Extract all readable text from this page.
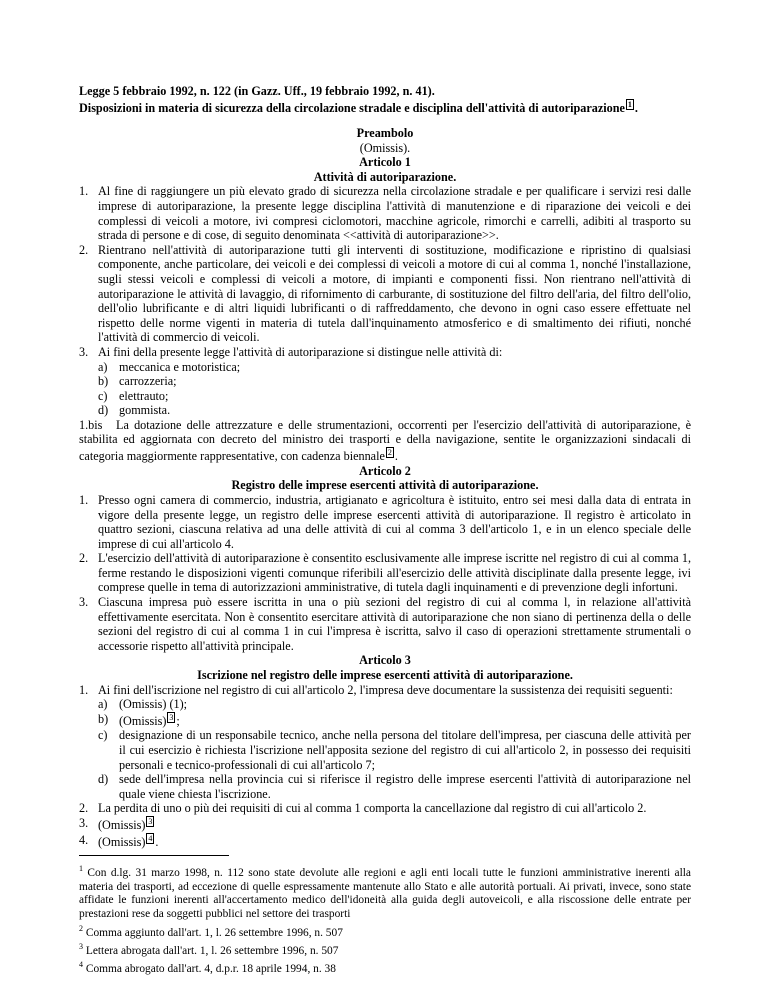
Legge 5 febbraio 1992, n. 122 (in Gazz. Uff., 19 febbraio 1992, n. 41).
Disposizioni in materia di sicurezza della circolazione stradale e disciplina dell'attività di autoriparazione 1 .
Preambolo
(Omissis).
Articolo 1
Attività di autoriparazione.
1. Al fine di raggiungere un più elevato grado di sicurezza nella circolazione stradale e per qualificare i servizi resi dalle imprese di autoriparazione, la presente legge disciplina l'attività di manutenzione e di riparazione dei veicoli e dei complessi di veicoli a motore, ivi compresi ciclomotori, macchine agricole, rimorchi e carrelli, adibiti al trasporto su strada di persone e di cose, di seguito denominata <<attività di autoriparazione>>.
2. Rientrano nell'attività di autoriparazione tutti gli interventi di sostituzione, modificazione e ripristino di qualsiasi componente, anche particolare, dei veicoli e dei complessi di veicoli a motore di cui al comma 1, nonché l'installazione, sugli stessi veicoli e complessi di veicoli a motore, di impianti e componenti fissi. Non rientrano nell'attività di autoriparazione le attività di lavaggio, di rifornimento di carburante, di sostituzione del filtro dell'aria, del filtro dell'olio, dell'olio lubrificante e di altri liquidi lubrificanti o di raffreddamento, che devono in ogni caso essere effettuate nel rispetto delle norme vigenti in materia di tutela dall'inquinamento atmosferico e di smaltimento dei rifiuti, nonché l'attività di commercio di veicoli.
3. Ai fini della presente legge l'attività di autoriparazione si distingue nelle attività di:
a) meccanica e motoristica;
b) carrozzeria;
c) elettrauto;
d) gommista.
1.bis La dotazione delle attrezzature e delle strumentazioni, occorrenti per l'esercizio dell'attività di autoriparazione, è stabilita ed aggiornata con decreto del ministro dei trasporti e della navigazione, sentite le organizzazioni sindacali di categoria maggiormente rappresentative, con cadenza biennale 2 .
Articolo 2
Registro delle imprese esercenti attività di autoriparazione.
1. Presso ogni camera di commercio, industria, artigianato e agricoltura è istituito, entro sei mesi dalla data di entrata in vigore della presente legge, un registro delle imprese esercenti attività di autoriparazione. Il registro è articolato in quattro sezioni, ciascuna relativa ad una delle attività di cui al comma 3 dell'articolo 1, e in un elenco speciale delle imprese di cui all'articolo 4.
2. L'esercizio dell'attività di autoriparazione è consentito esclusivamente alle imprese iscritte nel registro di cui al comma 1, ferme restando le disposizioni vigenti comunque riferibili all'esercizio delle attività disciplinate dalla presente legge, ivi comprese quelle in tema di autorizzazioni amministrative, di tutela dagli inquinamenti e di prevenzione degli infortuni.
3. Ciascuna impresa può essere iscritta in una o più sezioni del registro di cui al comma l, in relazione all'attività effettivamente esercitata. Non è consentito esercitare attività di autoriparazione che non siano di pertinenza della o delle sezioni del registro di cui al comma 1 in cui l'impresa è iscritta, salvo il caso di operazioni strettamente strumentali o accessorie rispetto all'attività principale.
Articolo 3
Iscrizione nel registro delle imprese esercenti attività di autoriparazione.
1. Ai fini dell'iscrizione nel registro di cui all'articolo 2, l'impresa deve documentare la sussistenza dei requisiti seguenti:
a) (Omissis) (1);
b) (Omissis) 3 ;
c) designazione di un responsabile tecnico, anche nella persona del titolare dell'impresa, per ciascuna delle attività per il cui esercizio è richiesta l'iscrizione nell'apposita sezione del registro di cui all'articolo 2, in possesso dei requisiti personali e tecnico-professionali di cui all'articolo 7;
d) sede dell'impresa nella provincia cui si riferisce il registro delle imprese esercenti l'attività di autoriparazione nel quale viene chiesta l'iscrizione.
2. La perdita di uno o più dei requisiti di cui al comma 1 comporta la cancellazione dal registro di cui all'articolo 2.
3. (Omissis) 3
4. (Omissis) 4 .
$^1$ Con d.lg. 31 marzo 1998, n. 112 sono state devolute alle regioni e agli enti locali tutte le funzioni amministrative inerenti alla materia dei trasporti, ad eccezione di quelle espressamente mantenute allo Stato e alle autorità portuali. Ai privati, invece, sono state affidate le funzioni inerenti all'accertamento medico dell'idoneità alla guida degli autoveicoli, e alla riscossione delle entrate per prestazioni rese da soggetti pubblici nel settore dei trasporti
$^2$ Comma aggiunto dall'art. 1, l. 26 settembre 1996, n. 507
$^3$ Lettera abrogata dall'art. 1, l. 26 settembre 1996, n. 507
$^4$ Comma abrogato dall'art. 4, d.p.r. 18 aprile 1994, n. 38
